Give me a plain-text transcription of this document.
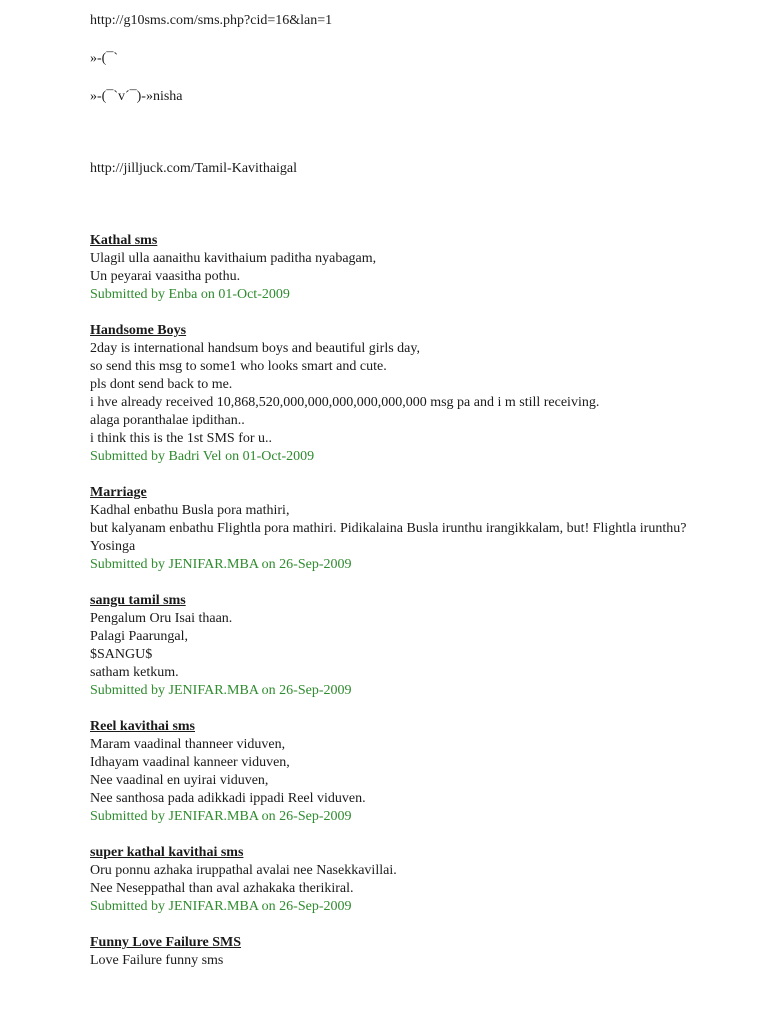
http://g10sms.com/sms.php?cid=16&lan=1
»-(¯`
»-(¯`v´¯)-»nisha
http://jilljuck.com/Tamil-Kavithaigal
Kathal sms
Ulagil ulla aanaithu kavithaium paditha nyabagam,
Un peyarai vaasitha pothu.
Submitted by Enba on 01-Oct-2009
Handsome Boys
2day is international handsum boys and beautiful girls day,
so send this msg to some1 who looks smart and cute.
pls dont send back to me.
i hve already received 10,868,520,000,000,000,000,000,000 msg pa and i m still receiving.
alaga poranthalae ipdithan..
i think this is the 1st SMS for u..
Submitted by Badri Vel on 01-Oct-2009
Marriage
Kadhal enbathu Busla pora mathiri,
but kalyanam enbathu Flightla pora mathiri. Pidikalaina Busla irunthu irangikkalam, but! Flightla irunthu? Yosinga
Submitted by JENIFAR.MBA on 26-Sep-2009
sangu tamil sms
Pengalum Oru Isai thaan.
Palagi Paarungal,
$SANGU$
satham ketkum.
Submitted by JENIFAR.MBA on 26-Sep-2009
Reel kavithai sms
Maram vaadinal thanneer viduven,
Idhayam vaadinal kanneer viduven,
Nee vaadinal en uyirai viduven,
Nee santhosa pada adikkadi ippadi Reel viduven.
Submitted by JENIFAR.MBA on 26-Sep-2009
super kathal kavithai sms
Oru ponnu azhaka iruppathal avalai nee Nasekkavillai.
Nee Neseppathal than aval azhakaka therikiral.
Submitted by JENIFAR.MBA on 26-Sep-2009
Funny Love Failure SMS
Love Failure funny sms
